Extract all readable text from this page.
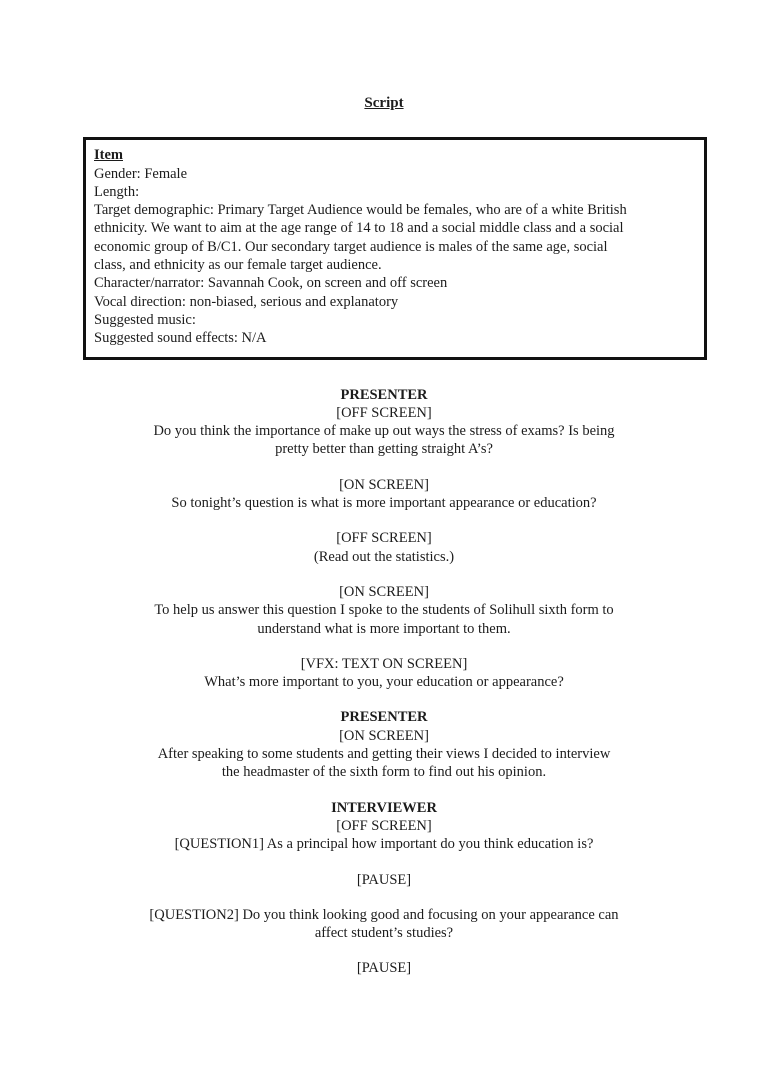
Script
Item
Gender: Female
Length:
Target demographic: Primary Target Audience would be females, who are of a white British
ethnicity. We want to aim at the age range of 14 to 18 and a social middle class and a social
economic group of B/C1. Our secondary target audience is males of the same age, social
class, and ethnicity as our female target audience.
Character/narrator: Savannah Cook, on screen and off screen
Vocal direction: non-biased, serious and explanatory
Suggested music:
Suggested sound effects: N/A
PRESENTER
[OFF SCREEN]
Do you think the importance of make up out ways the stress of exams? Is being
pretty better than getting straight A’s?
[ON SCREEN]
So tonight’s question is what is more important appearance or education?
[OFF SCREEN]
(Read out the statistics.)
[ON SCREEN]
To help us answer this question I spoke to the students of Solihull sixth form to
understand what is more important to them.
[VFX: TEXT ON SCREEN]
What’s more important to you, your education or appearance?
PRESENTER
[ON SCREEN]
After speaking to some students and getting their views I decided to interview
the headmaster of the sixth form to find out his opinion.
INTERVIEWER
[OFF SCREEN]
[QUESTION1] As a principal how important do you think education is?
[PAUSE]
[QUESTION2] Do you think looking good and focusing on your appearance can
affect student’s studies?
[PAUSE]
